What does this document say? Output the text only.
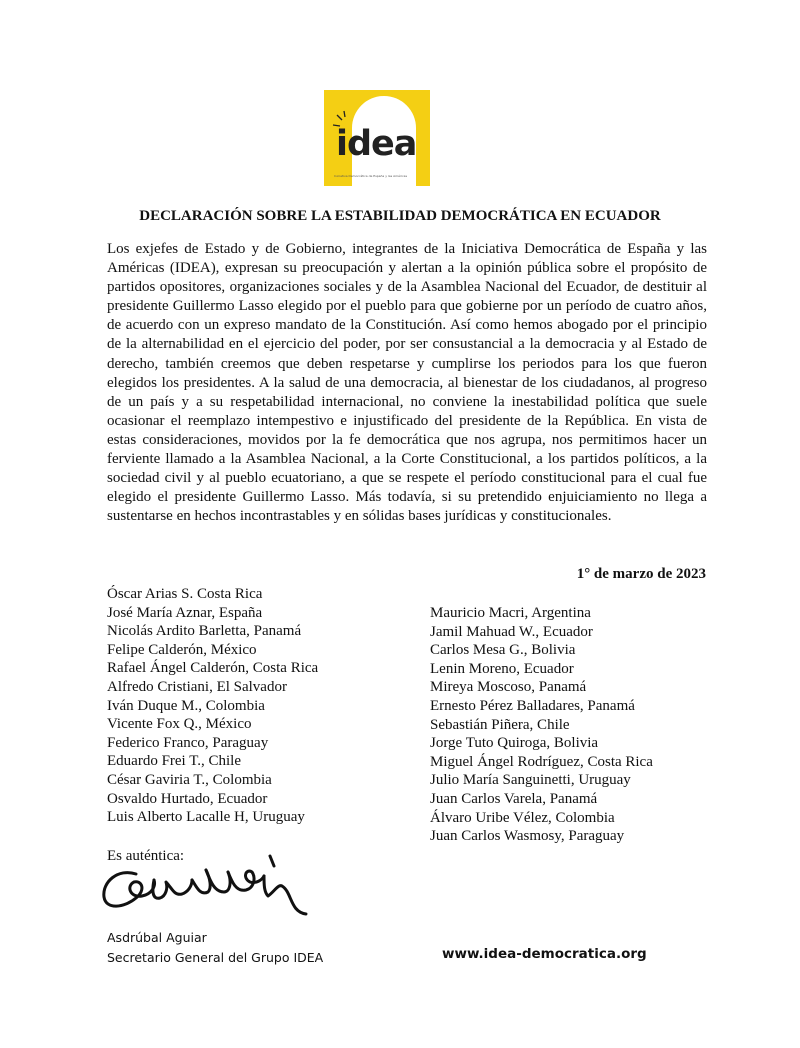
idea
Iniciativa Democrática de España y las Américas
DECLARACIÓN SOBRE LA ESTABILIDAD DEMOCRÁTICA EN ECUADOR

Los exjefes de Estado y de Gobierno, integrantes de la Iniciativa Democrática de España y las Américas (IDEA), expresan su preocupación y alertan a la opinión pública sobre el propósito de partidos opositores, organizaciones sociales y de la Asamblea Nacional del Ecuador, de destituir al presidente Guillermo Lasso elegido por el pueblo para que gobierne por un período de cuatro años, de acuerdo con un expreso mandato de la Constitución. Así como hemos abogado por el principio de la alternabilidad en el ejercicio del poder, por ser consustancial a la democracia y al Estado de derecho, también creemos que deben respetarse y cumplirse los periodos para los que fueron elegidos los presidentes. A la salud de una democracia, al bienestar de los ciudadanos, al progreso de un país y a su respetabilidad internacional, no conviene la inestabilidad política que suele ocasionar el reemplazo intempestivo e injustificado del presidente de la República. En vista de estas consideraciones, movidos por la fe democrática que nos agrupa, nos permitimos hacer un ferviente llamado a la Asamblea Nacional, a la Corte Constitucional, a los partidos políticos, a la sociedad civil y al pueblo ecuatoriano, a que se respete el período constitucional para el cual fue elegido el presidente Guillermo Lasso. Más todavía, si su pretendido enjuiciamiento no llega a sustentarse en hechos incontrastables y en sólidas bases jurídicas y constitucionales.

1° de marzo de 2023
Óscar Arias S. Costa Rica
José María Aznar, España
Nicolás Ardito Barletta, Panamá
Felipe Calderón, México
Rafael Ángel Calderón, Costa Rica
Alfredo Cristiani, El Salvador
Iván Duque M., Colombia
Vicente Fox Q., México
Federico Franco, Paraguay
Eduardo Frei T., Chile
César Gaviria T., Colombia
Osvaldo Hurtado, Ecuador
Luis Alberto Lacalle H, Uruguay
Mauricio Macri, Argentina
Jamil Mahuad W., Ecuador
Carlos Mesa G., Bolivia
Lenin Moreno, Ecuador
Mireya Moscoso, Panamá
Ernesto Pérez Balladares, Panamá
Sebastián Piñera, Chile
Jorge Tuto Quiroga, Bolivia
Miguel Ángel Rodríguez, Costa Rica
Julio María Sanguinetti, Uruguay
Juan Carlos Varela, Panamá
Álvaro Uribe Vélez, Colombia
Juan Carlos Wasmosy, Paraguay
Es auténtica:
Asdrúbal Aguiar
Secretario General del Grupo IDEA	www.idea-democratica.org
